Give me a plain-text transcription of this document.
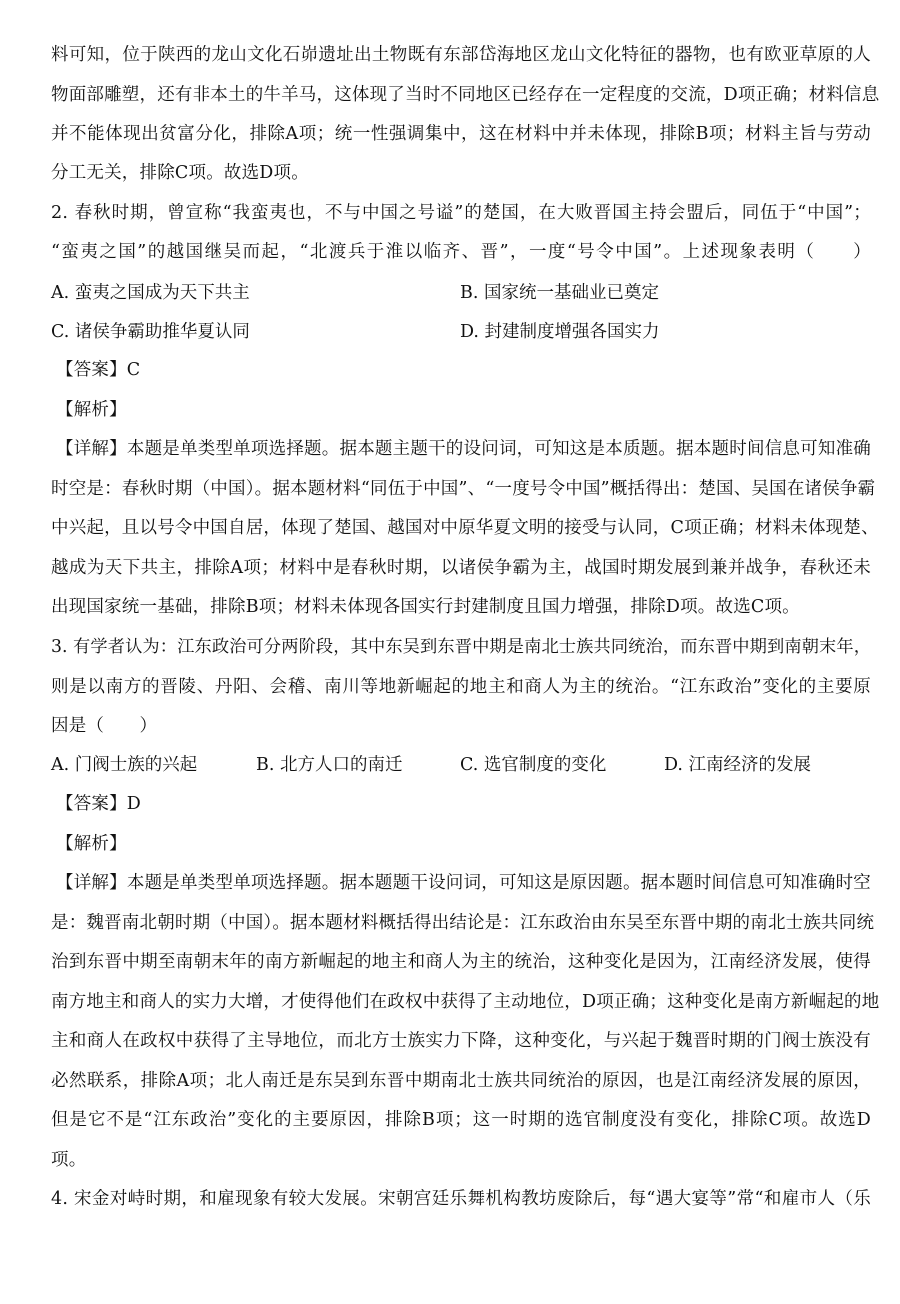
料可知，位于陕西的龙山文化石峁遗址出土物既有东部岱海地区龙山文化特征的器物，也有欧亚草原的人
物面部雕塑，还有非本土的牛羊马，这体现了当时不同地区已经存在一定程度的交流，D项正确；材料信息
并不能体现出贫富分化，排除A项；统一性强调集中，这在材料中并未体现，排除B项；材料主旨与劳动
分工无关，排除C项。故选D项。
2. 春秋时期，曾宣称“我蛮夷也，不与中国之号谥”的楚国，在大败晋国主持会盟后，同伍于“中国”；
“蛮夷之国”的越国继吴而起，“北渡兵于淮以临齐、晋”，一度“号令中国”。上述现象表明（　　）
A. 蛮夷之国成为天下共主	B. 国家统一基础业已奠定
C. 诸侯争霸助推华夏认同	D. 封建制度增强各国实力
【答案】C
【解析】
【详解】本题是单类型单项选择题。据本题主题干的设问词，可知这是本质题。据本题时间信息可知准确
时空是：春秋时期（中国）。据本题材料“同伍于中国”、“一度号令中国”概括得出：楚国、吴国在诸侯争霸
中兴起，且以号令中国自居，体现了楚国、越国对中原华夏文明的接受与认同，C项正确；材料未体现楚、
越成为天下共主，排除A项；材料中是春秋时期，以诸侯争霸为主，战国时期发展到兼并战争，春秋还未
出现国家统一基础，排除B项；材料未体现各国实行封建制度且国力增强，排除D项。故选C项。
3. 有学者认为：江东政治可分两阶段，其中东吴到东晋中期是南北士族共同统治，而东晋中期到南朝末年，
则是以南方的晋陵、丹阳、会稽、南川等地新崛起的地主和商人为主的统治。“江东政治”变化的主要原
因是（　　）
A. 门阀士族的兴起	B. 北方人口的南迁	C. 选官制度的变化	D. 江南经济的发展
【答案】D
【解析】
【详解】本题是单类型单项选择题。据本题题干设问词，可知这是原因题。据本题时间信息可知准确时空
是：魏晋南北朝时期（中国）。据本题材料概括得出结论是：江东政治由东吴至东晋中期的南北士族共同统
治到东晋中期至南朝末年的南方新崛起的地主和商人为主的统治，这种变化是因为，江南经济发展，使得
南方地主和商人的实力大增，才使得他们在政权中获得了主动地位，D项正确；这种变化是南方新崛起的地
主和商人在政权中获得了主导地位，而北方士族实力下降，这种变化，与兴起于魏晋时期的门阀士族没有
必然联系，排除A项；北人南迁是东吴到东晋中期南北士族共同统治的原因，也是江南经济发展的原因，
但是它不是“江东政治”变化的主要原因，排除B项；这一时期的选官制度没有变化，排除C项。故选D
项。
4. 宋金对峙时期，和雇现象有较大发展。宋朝宫廷乐舞机构教坊废除后，每“遇大宴等”常“和雇市人（乐
